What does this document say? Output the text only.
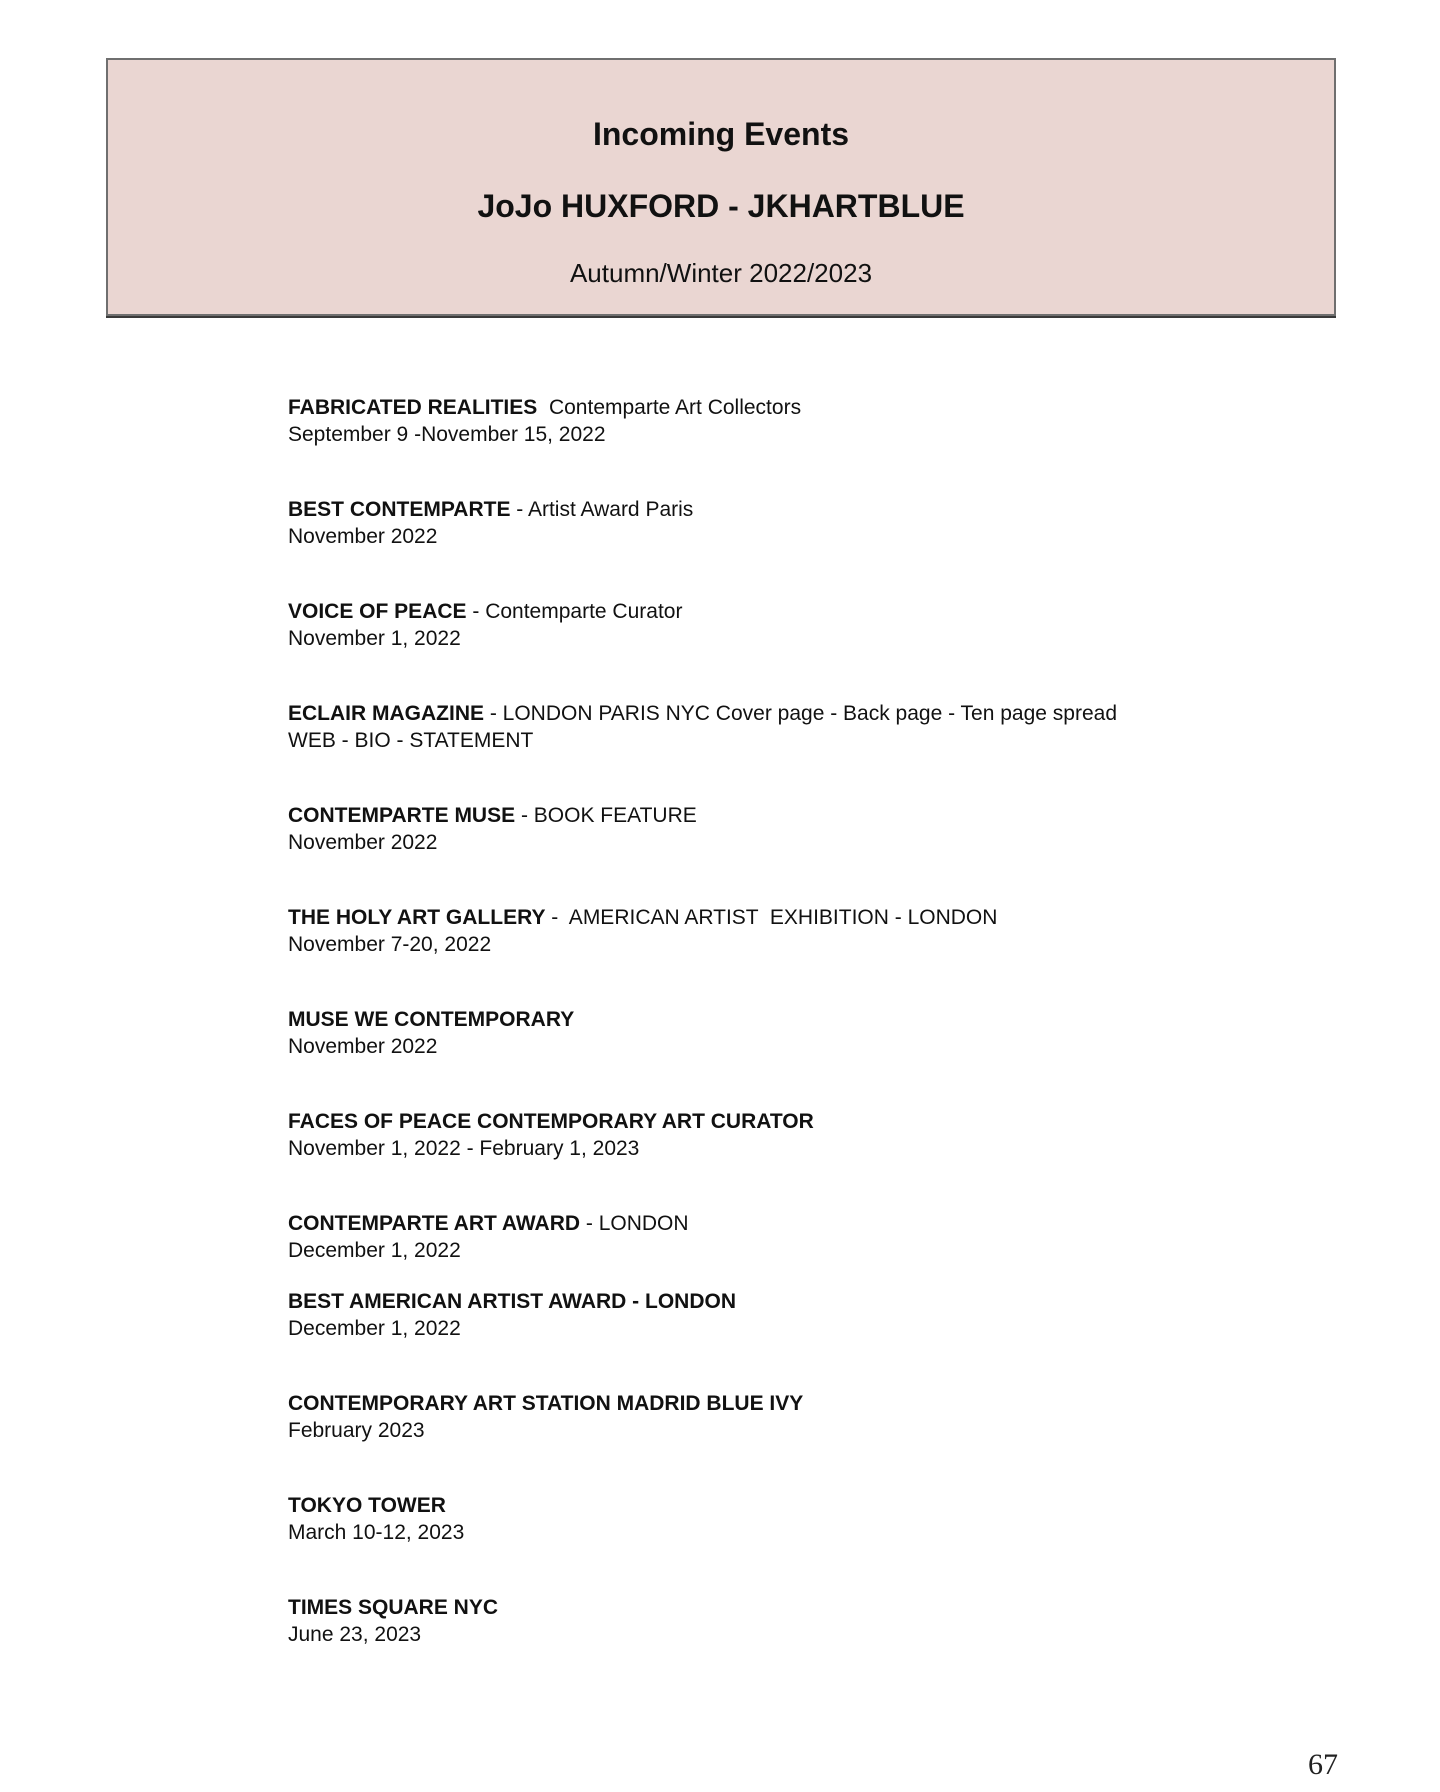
Incoming Events
JoJo HUXFORD - JKHARTBLUE
Autumn/Winter 2022/2023
FABRICATED REALITIES  Contemparte Art Collectors
September 9 -November 15, 2022
BEST CONTEMPARTE - Artist Award Paris
November 2022
VOICE OF PEACE - Contemparte Curator
November 1, 2022
ECLAIR MAGAZINE - LONDON PARIS NYC Cover page - Back page - Ten page spread
WEB - BIO - STATEMENT
CONTEMPARTE MUSE - BOOK FEATURE
November 2022
THE HOLY ART GALLERY -  AMERICAN ARTIST  EXHIBITION - LONDON
November 7-20, 2022
MUSE WE CONTEMPORARY
November 2022
FACES OF PEACE CONTEMPORARY ART CURATOR
November 1, 2022 - February 1, 2023
CONTEMPARTE ART AWARD - LONDON
December 1, 2022
BEST AMERICAN ARTIST AWARD - LONDON
December 1, 2022
CONTEMPORARY ART STATION MADRID BLUE IVY
February 2023
TOKYO TOWER
March 10-12, 2023
TIMES SQUARE NYC
June 23, 2023
67
